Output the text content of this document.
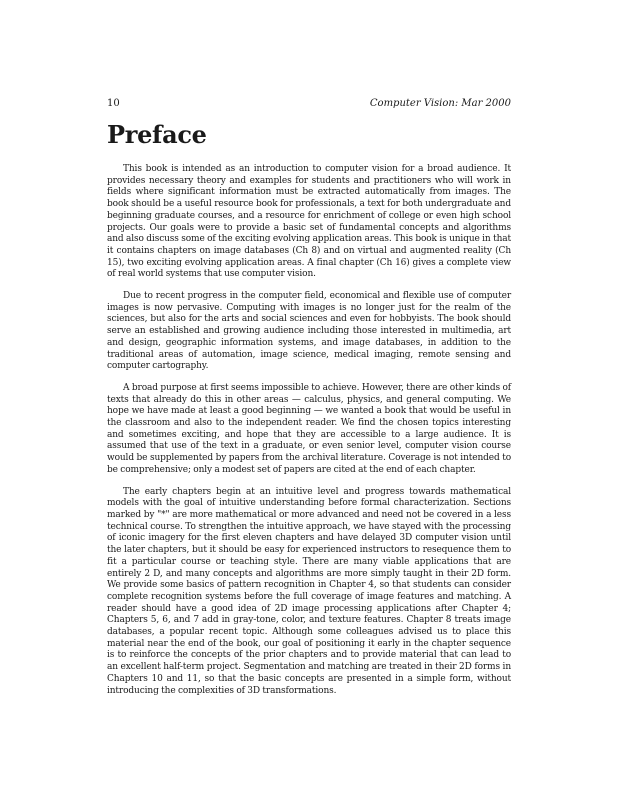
10	Computer Vision: Mar 2000
Preface

This book is intended as an introduction to computer vision for a broad audience. It provides necessary theory and examples for students and practitioners who will work in fields where significant information must be extracted automatically from images. The book should be a useful resource book for professionals, a text for both undergraduate and beginning graduate courses, and a resource for enrichment of college or even high school projects. Our goals were to provide a basic set of fundamental concepts and algorithms and also discuss some of the exciting evolving application areas. This book is unique in that it contains chapters on image databases (Ch 8) and on virtual and augmented reality (Ch 15), two exciting evolving application areas. A final chapter (Ch 16) gives a complete view of real world systems that use computer vision.

Due to recent progress in the computer field, economical and flexible use of computer images is now pervasive. Computing with images is no longer just for the realm of the sciences, but also for the arts and social sciences and even for hobbyists. The book should serve an established and growing audience including those interested in multimedia, art and design, geographic information systems, and image databases, in addition to the traditional areas of automation, image science, medical imaging, remote sensing and computer cartography.

A broad purpose at first seems impossible to achieve. However, there are other kinds of texts that already do this in other areas — calculus, physics, and general computing. We hope we have made at least a good beginning — we wanted a book that would be useful in the classroom and also to the independent reader. We find the chosen topics interesting and sometimes exciting, and hope that they are accessible to a large audience. It is assumed that use of the text in a graduate, or even senior level, computer vision course would be supplemented by papers from the archival literature. Coverage is not intended to be comprehensive; only a modest set of papers are cited at the end of each chapter.

The early chapters begin at an intuitive level and progress towards mathematical models with the goal of intuitive understanding before formal characterization. Sections marked by "*" are more mathematical or more advanced and need not be covered in a less technical course. To strengthen the intuitive approach, we have stayed with the processing of iconic imagery for the first eleven chapters and have delayed 3D computer vision until the later chapters, but it should be easy for experienced instructors to resequence them to fit a particular course or teaching style. There are many viable applications that are entirely 2 D, and many concepts and algorithms are more simply taught in their 2D form. We provide some basics of pattern recognition in Chapter 4, so that students can consider complete recognition systems before the full coverage of image features and matching. A reader should have a good idea of 2D image processing applications after Chapter 4; Chapters 5, 6, and 7 add in gray-tone, color, and texture features. Chapter 8 treats image databases, a popular recent topic. Although some colleagues advised us to place this material near the end of the book, our goal of positioning it early in the chapter sequence is to reinforce the concepts of the prior chapters and to provide material that can lead to an excellent half-term project. Segmentation and matching are treated in their 2D forms in Chapters 10 and 11, so that the basic concepts are presented in a simple form, without introducing the complexities of 3D transformations.
